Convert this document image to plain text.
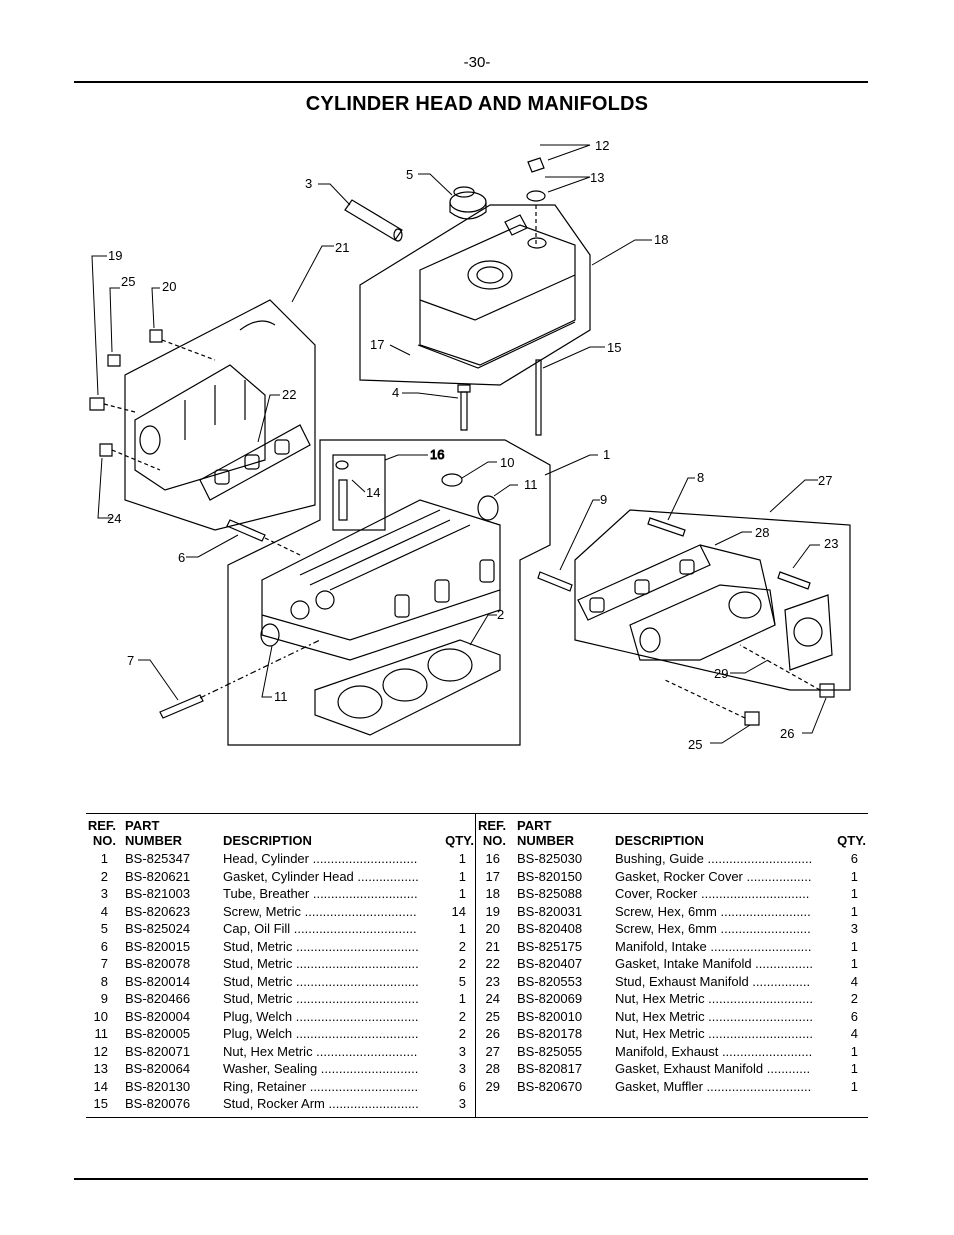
-30-
CYLINDER HEAD AND MANIFOLDS
16
12
13
3
5
18
21
19
25 20
22
17	15
4
10
11
1
14
27
8
9
28
23
24
6
2
7
11
29
25
26
REF.
NO.
PART
NUMBER	DESCRIPTION	QTY.
1 BS-825347	Head, Cylinder .............................	1
2 BS-820621	Gasket, Cylinder Head .................	1
3 BS-821003	Tube, Breather .............................	1
4 BS-820623	Screw, Metric ...............................	14
5 BS-825024	Cap, Oil Fill ..................................	1
6 BS-820015	Stud, Metric ..................................	2
7 BS-820078	Stud, Metric ..................................	2
8 BS-820014	Stud, Metric ..................................	5
9 BS-820466	Stud, Metric ..................................	1
10 BS-820004	Plug, Welch ..................................	2
11 BS-820005	Plug, Welch ..................................	2
12 BS-820071	Nut, Hex Metric ............................	3
13 BS-820064	Washer, Sealing ...........................	3
14 BS-820130	Ring, Retainer ..............................	6
15 BS-820076	Stud, Rocker Arm .........................	3
REF.
NO.
PART
NUMBER	DESCRIPTION	QTY.
16 BS-825030	Bushing, Guide .............................	6
17 BS-820150	Gasket, Rocker Cover ..................	1
18 BS-825088	Cover, Rocker ..............................	1
19 BS-820031	Screw, Hex, 6mm .........................	1
20 BS-820408	Screw, Hex, 6mm .........................	3
21 BS-825175	Manifold, Intake ............................	1
22 BS-820407	Gasket, Intake Manifold ................	1
23 BS-820553	Stud, Exhaust Manifold ................	4
24 BS-820069	Nut, Hex Metric .............................	2
25 BS-820010	Nut, Hex Metric .............................	6
26 BS-820178	Nut, Hex Metric .............................	4
27 BS-825055	Manifold, Exhaust .........................	1
28 BS-820817	Gasket, Exhaust Manifold ............	1
29 BS-820670	Gasket, Muffler .............................	1
